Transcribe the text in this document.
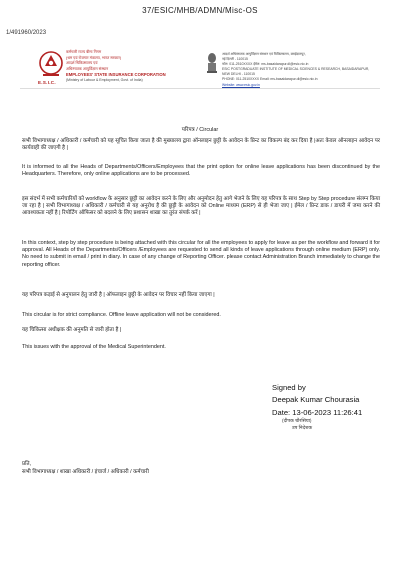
37/ESIC/MHB/ADMN/Misc-OS
1/491960/2023
E.S.I.C.
कर्मचारी राज्य बीमा निगम
(श्रम एवं रोजगार मंत्रालय, भारत सरकार)
आदर्श चिकित्सालय एवं
अधिस्नातक आयुर्विज्ञान संस्थान
EMPLOYEES' STATE INSURANCE CORPORATION
(Ministry of Labour & Employment, Govt. of India)
आदर्श अधिस्नातक आयुर्विज्ञान संस्थान एवं चिकित्सालय, बसईदारापुर,
नई दिल्ली - 110015
फोन: 011-2510XXXX ईमेल: ms-basaidarapur.dl@esic.nic.in
ESIC POSTGRADUATE INSTITUTE OF MEDICAL SCIENCES & RESEARCH, BASAIDARAPUR,
NEW DELHI - 110015
PHONE: 011-2510XXXX Email: ms-basaidarapur.dl@esic.nic.in
Website: www.esic.gov.in
परिपत्र / Circular
सभी विभागाध्यक्ष / अधिकारी / कर्मचारी को यह सूचित किया जाता है की मुख्यालय द्वारा ऑनलाइन छुट्टी के आवेदन के प्रिन्ट का विकल्प बंद कर दिया है |अतः केवल ऑनलाइन आवेदन पर कार्यवाही की जाएगी है |
It is informed to all the Heads of Departments/Officers/Employees that the print option for online leave applications has been discontinued by the Headquarters. Therefore, only online applications are to be processed.
इस संदर्भ में सभी कर्मचारियों को workflow के अनुसार छुट्टी का आवेदन करने के लिए और अनुमोदन हेतु आगे भेजने के लिए यह परिपत्र के साथ Step by Step procedure संलग्न किया जा रहा है | सभी विभागाध्यक्ष / अधिकारी / कर्मचारी से यह अनुरोध है की छुट्टी के आवेदन को Online माध्यम (ERP) से ही भेजा जाए | ईमेल / प्रिन्ट डाक / डायरी में जमा करने की आवश्यकता नहीं है | रिपोर्टिंग ऑफिसर को बदलने के लिए प्रशासन शाखा का तुरंत संपर्क करें |
In this context, step by step procedure is being attached with this circular for all the employees to apply for leave as per the workflow and forward it for approval. All Heads of the Departments/Officers /Employees are requested to send all kinds of leave applications through online medium (ERP) only. No need to submit in email / print in diary. In case of any change of Reporting Officer. please contact Administration Branch immediately to change the reporting officer.
यह परिपत्र कड़ाई से अनुपालन हेतु जारी है | ऑफलाइन छुट्टी के आवेदन पर विचार नहीं किया जाएगा |
This circular is for strict compliance. Offline leave application will not be considered.
यह चिकित्सा अधीक्षक की अनुमति से जारी होता है |
This issues with the approval of the Medical Superintendent.
Signed by
Deepak Kumar Chourasia
Date: 13-06-2023 11:26:41
(दीपक चौरसिया)
उप निदेशक
प्रति,
सभी विभागाध्यक्ष / शाखा अधिकारी / इंचार्ज / अधिकारी / कर्मचारी
